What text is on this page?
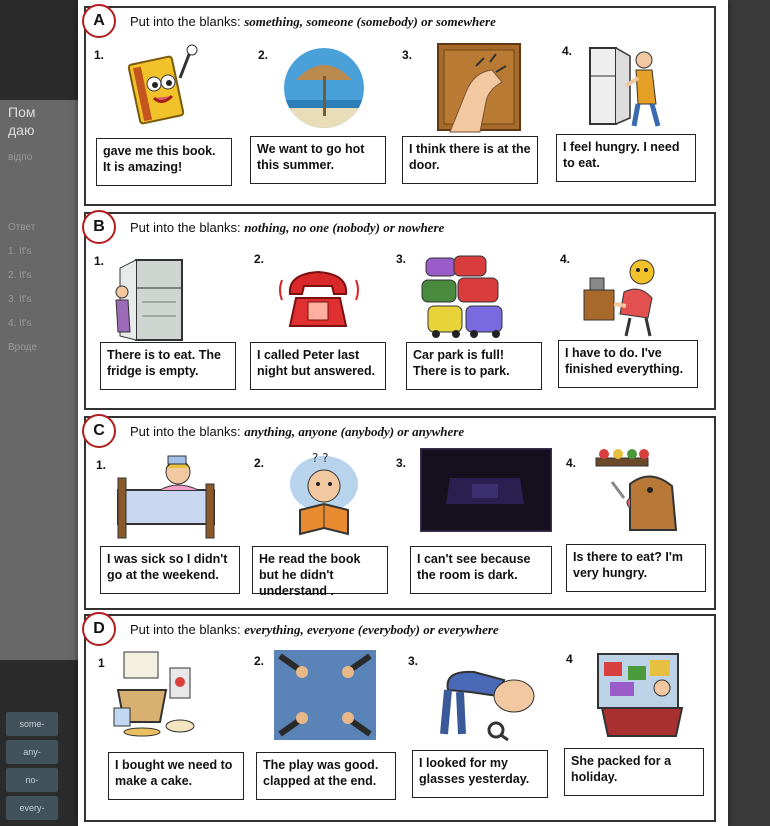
Пом
даю
відпо
Ответ
1. It's
2. It's
3. It's
4. It's
Вроде
some-
any-
no-
every-
A	Put into the blanks: something, someone (somebody) or somewhere
1.	2.	3.	4.
gave me this book. It is amazing!
We want to go hot this summer.
I think there is at the door.
I feel hungry. I need to eat.
B	Put into the blanks: nothing, no one (nobody) or nowhere
1.	2.	3.	4.
There is to eat. The fridge is empty.
I called Peter last night but answered.
Car park is full! There is to park.
I have to do. I've finished everything.
C	Put into the blanks: anything, anyone (anybody) or anywhere
1.	2.	3.	4.
? ?
I was sick so I didn't go at the weekend.
He read the book but he didn't understand .
I can't see because the room is dark.
Is there to eat? I'm very hungry.
D	Put into the blanks: everything, everyone (everybody) or everywhere
1	2.	3.	4
I bought we need to make a cake.
The play was good. clapped at the end.
I looked for my glasses yesterday.
She packed for a holiday.
